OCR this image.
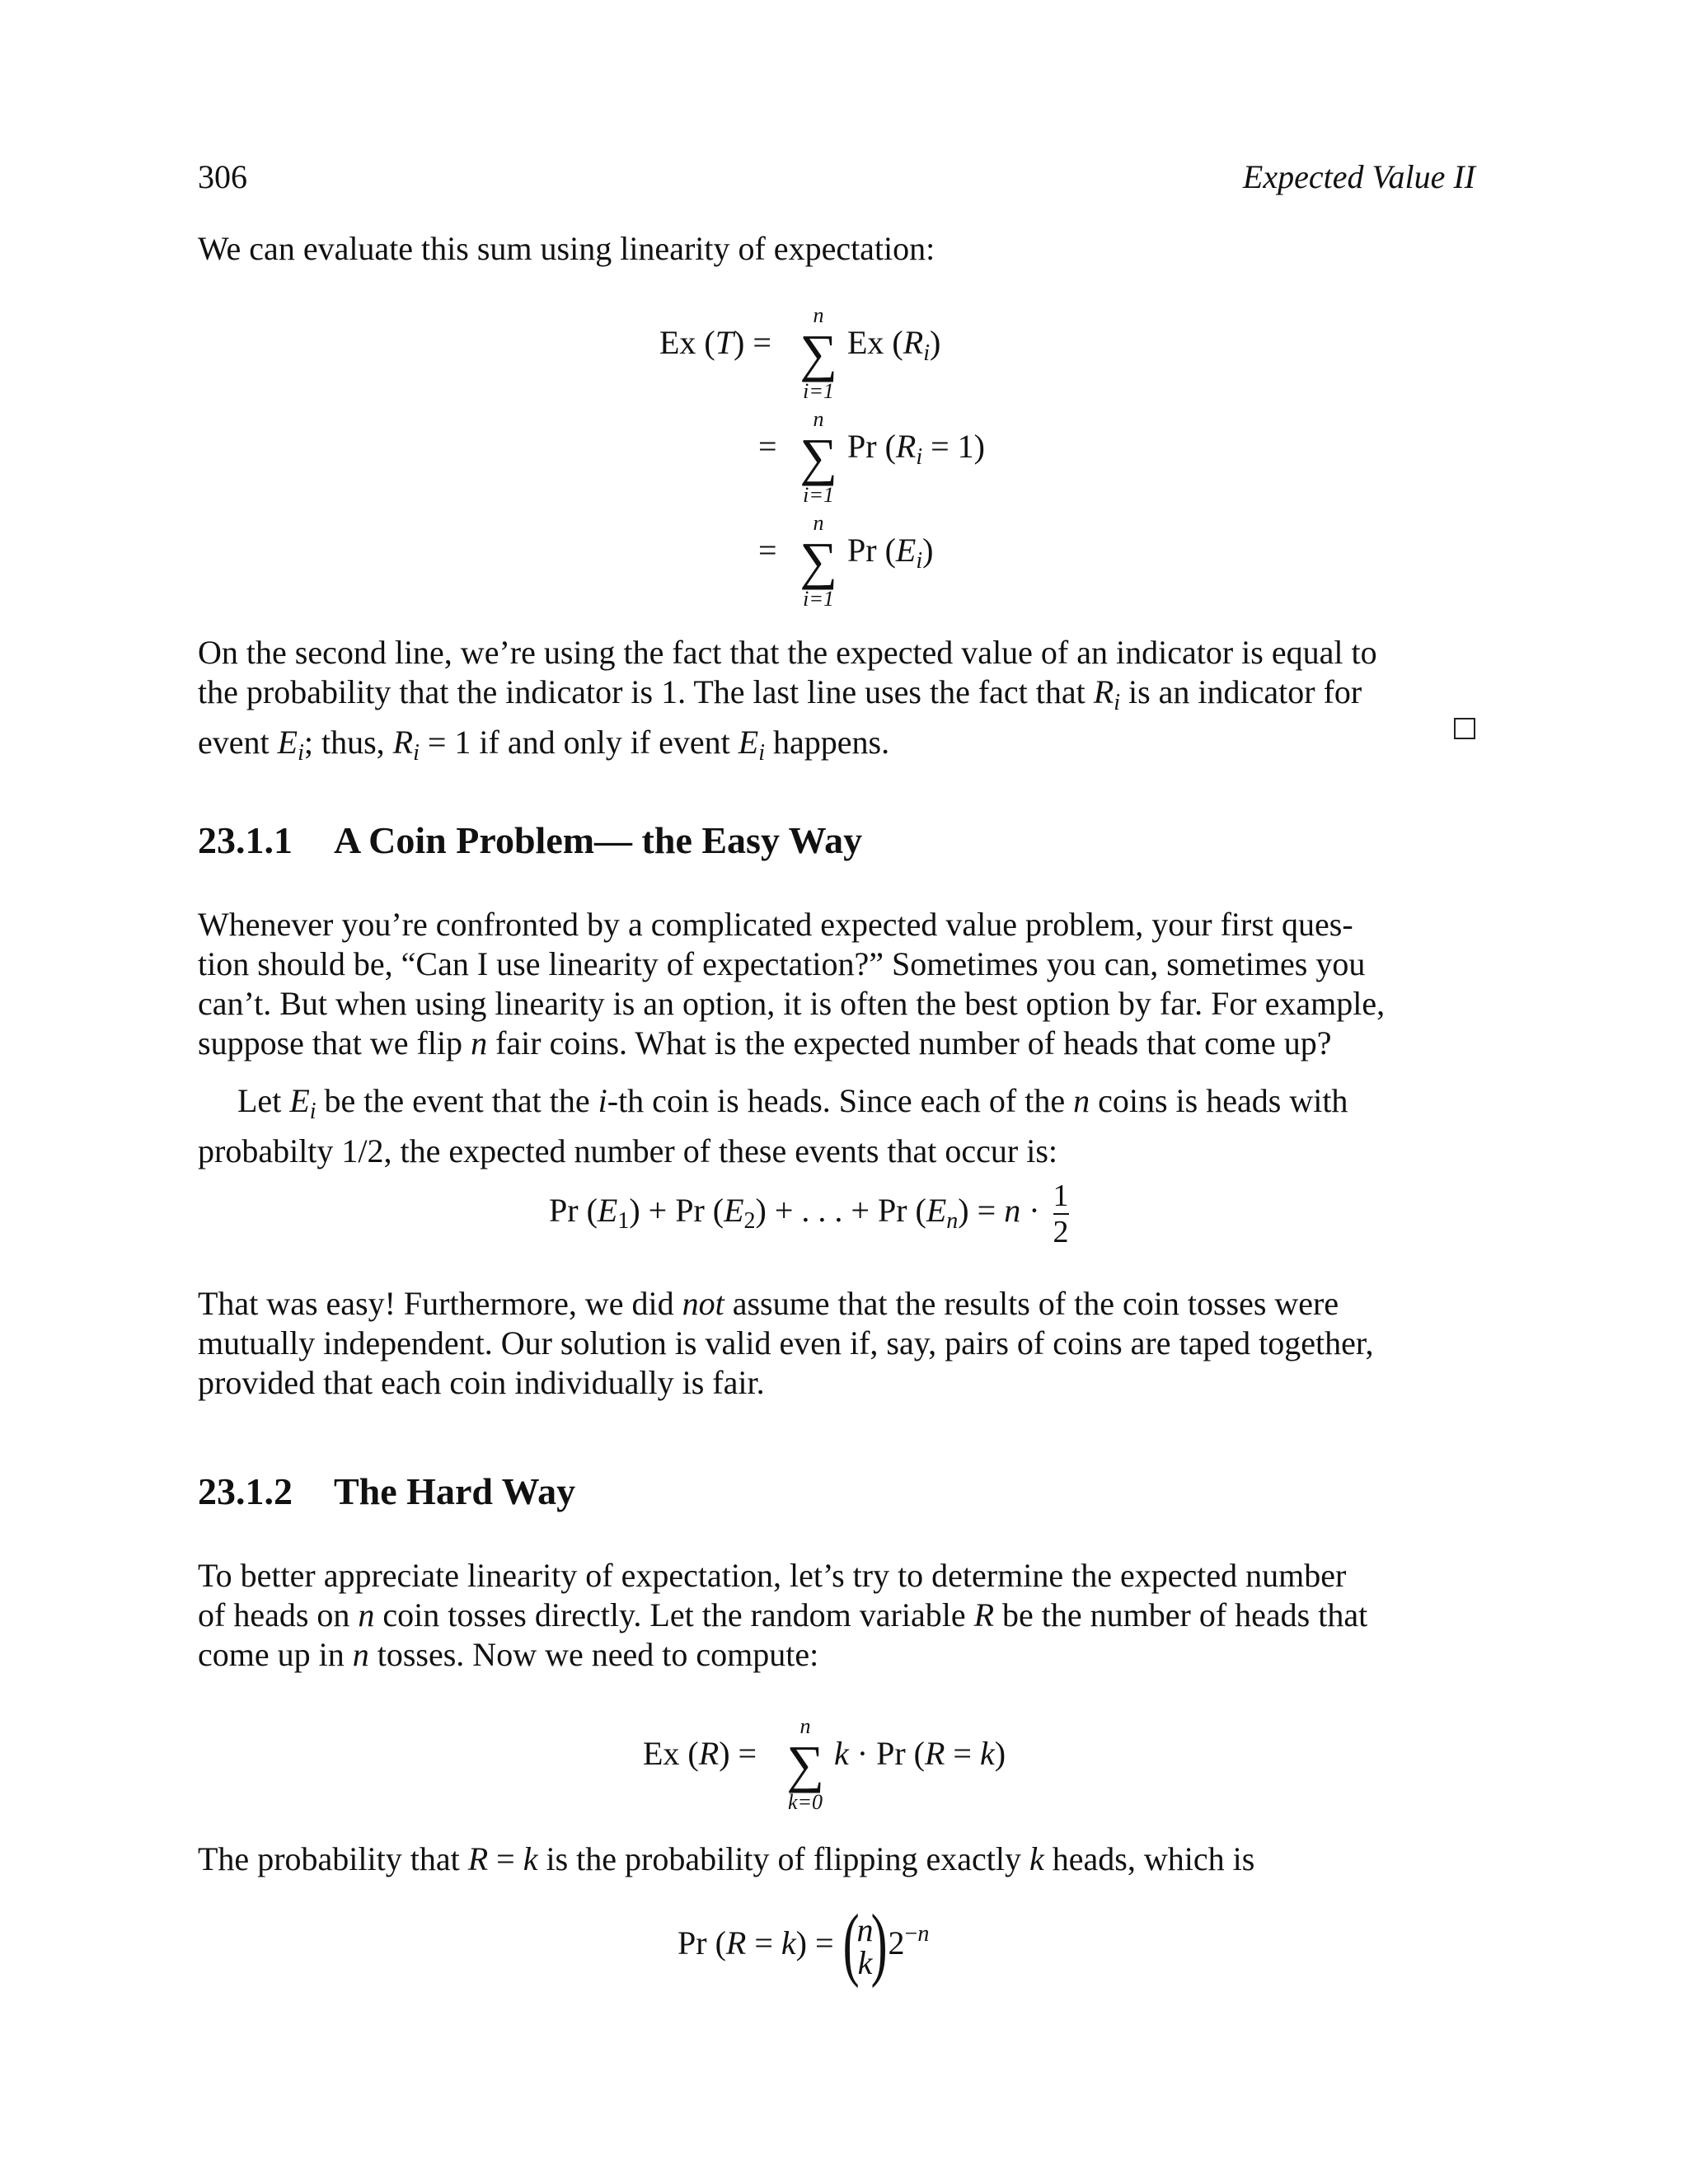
306	Expected Value II

We can evaluate this sum using linearity of expectation:

Ex (T) =
n
∑
i=1
Ex $(R_i)$
=
n
∑
i=1
Pr $(R_i = 1)$
=
n
∑
i=1
Pr $(E_i)$
On the second line, we’re using the fact that the expected value of an indicator is equal to
the probability that the indicator is 1. The last line uses the fact that $R_i$ is an indicator for
event $E_i$; thus, $R_i = 1$ if and only if event $E_i$ happens.
23.1.1 A Coin Problem— the Easy Way
Whenever you’re confronted by a complicated expected value problem, your first ques-
tion should be, “Can I use linearity of expectation?” Sometimes you can, sometimes you
can’t. But when using linearity is an option, it is often the best option by far. For example,
suppose that we flip n fair coins. What is the expected number of heads that come up?
Let $E_i$ be the event that the i-th coin is heads. Since each of the n coins is heads with
probabilty 1/2, the expected number of these events that occur is:
Pr $(E_1) + Pr$ $(E_2)$ + . . . + Pr $(E_n) = n \cdot \frac{1}{2}$
That was easy! Furthermore, we did not assume that the results of the coin tosses were
mutually independent. Our solution is valid even if, say, pairs of coins are taped together,
provided that each coin individually is fair.
23.1.2 The Hard Way
To better appreciate linearity of expectation, let’s try to determine the expected number
of heads on n coin tosses directly. Let the random variable R be the number of heads that
come up in n tosses. Now we need to compute:
Ex (R) =
n
∑
k=0
k · Pr (R = k)
The probability that R = k is the probability of flipping exactly k heads, which is
Pr (R = k) = (
n
k
) $2^{-n}$
